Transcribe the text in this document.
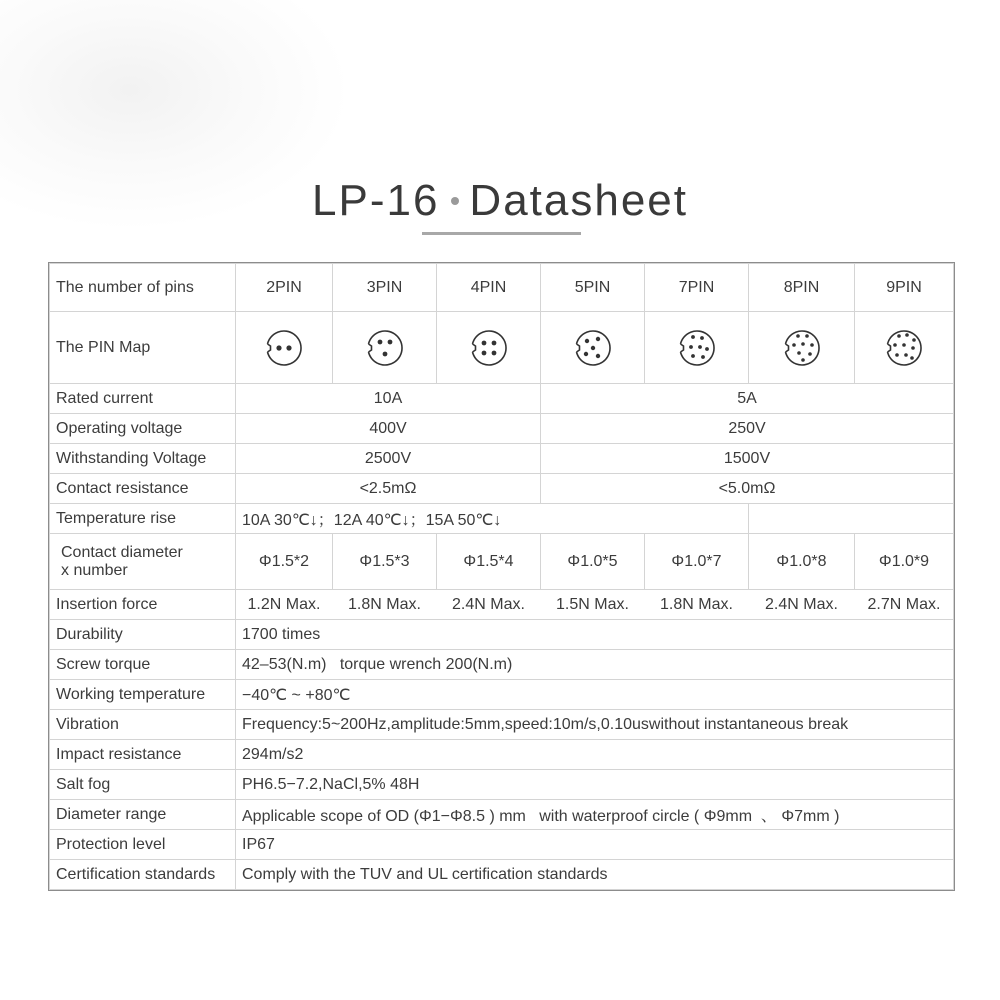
LP-16 Datasheet
The number of pins	2PIN	3PIN	4PIN	5PIN	7PIN	8PIN	9PIN
The PIN Map	

Rated current	10A			5A			
Operating voltage	400V			250V			
Withstanding Voltage	2500V			1500V			
Contact resistance	<2.5mΩ			<5.0mΩ			
Temperature rise	10A 30℃↓；12A 40℃↓；15A 50℃↓						

Contact diameter
x number	Φ1.5*2	Φ1.5*3	Φ1.5*4	Φ1.0*5	Φ1.0*7	Φ1.0*8	Φ1.0*9
Insertion force	1.2N Max.	1.8N Max.	2.4N Max.	1.5N Max.	1.8N Max.	2.4N Max.	2.7N Max.
Durability	1700 times						
Screw torque	42–53(N.m)   torque wrench 200(N.m)						
Working temperature	−40℃ ~ +80℃						
Vibration	Frequency:5~200Hz,amplitude:5mm,speed:10m/s,0.10uswithout instantaneous break						
Impact resistance	294m/s2						
Salt fog	PH6.5−7.2,NaCl,5% 48H						
Diameter range	Applicable scope of OD (Φ1−Φ8.5 ) mm   with waterproof circle ( Φ9mm  、 Φ7mm )						
Protection level	IP67						
Certification standards	Comply with the TUV and UL certification standards						
